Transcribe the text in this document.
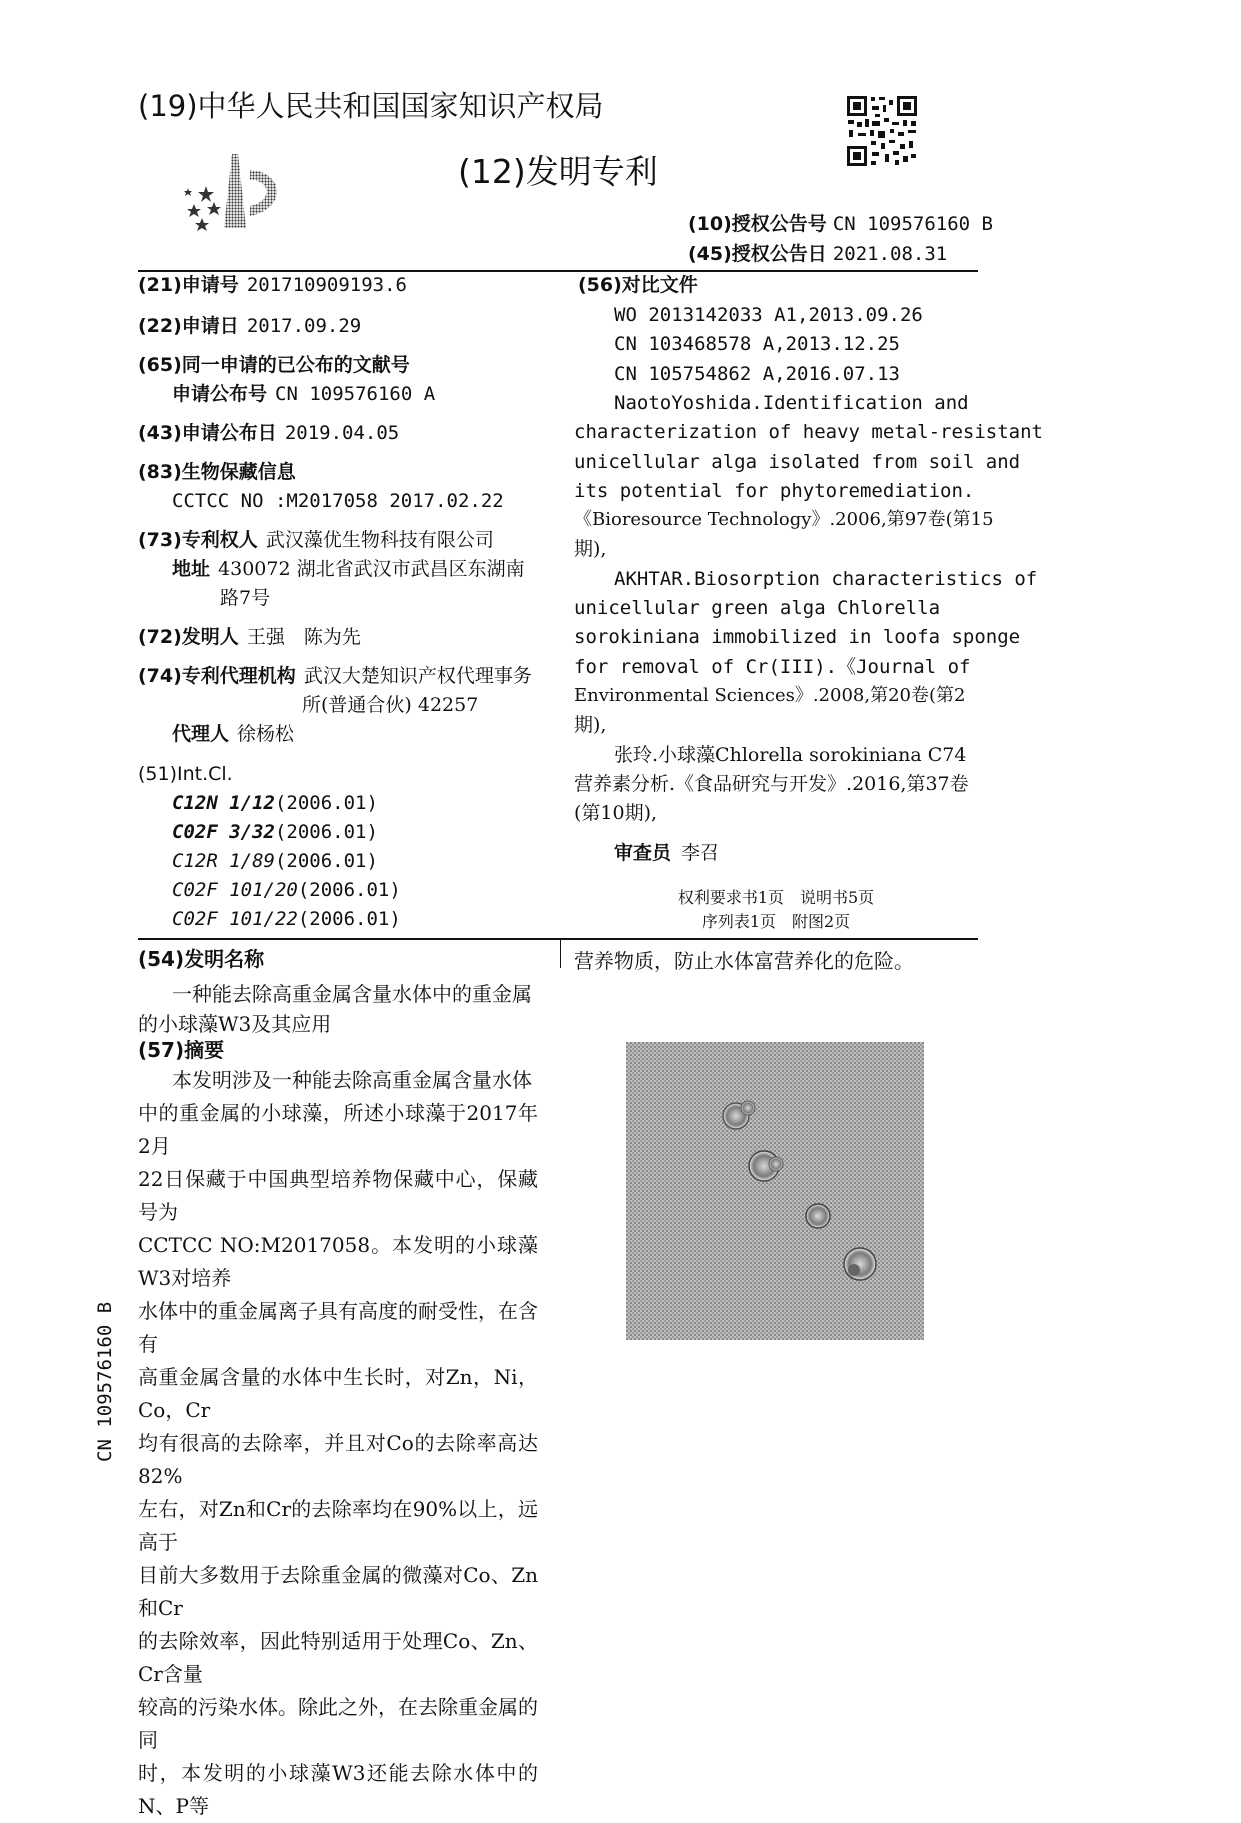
(19)中华人民共和国国家知识产权局
(12)发明专利
(10)授权公告号 CN 109576160 B
(45)授权公告日 2021.08.31
(21)申请号 201710909193.6
(22)申请日 2017.09.29
(65)同一申请的已公布的文献号
申请公布号 CN 109576160 A
(43)申请公布日 2019.04.05
(83)生物保藏信息
CCTCC NO :M2017058 2017.02.22
(73)专利权人 武汉藻优生物科技有限公司
地址 430072 湖北省武汉市武昌区东湖南
路7号
(72)发明人 王强　陈为先
(74)专利代理机构 武汉大楚知识产权代理事务
所(普通合伙) 42257
代理人 徐杨松
(51)Int.Cl.
C12N 1/12(2006.01)
C02F 3/32(2006.01)
C12R 1/89(2006.01)
C02F 101/20(2006.01)
C02F 101/22(2006.01)
(56)对比文件
WO 2013142033 A1,2013.09.26
CN 103468578 A,2013.12.25
CN 105754862 A,2016.07.13
NaotoYoshida.Identification and
characterization of heavy metal-resistant
unicellular alga isolated from soil and
its potential for phytoremediation.
《Bioresource Technology》.2006,第97卷(第15
期),
AKHTAR.Biosorption characteristics of
unicellular green alga Chlorella
sorokiniana immobilized in loofa sponge
for removal of Cr(III).《Journal of
Environmental Sciences》.2008,第20卷(第2
期),
张玲.小球藻Chlorella sorokiniana C74
营养素分析.《食品研究与开发》.2016,第37卷
(第10期),
审查员 李召
权利要求书1页　说明书5页
序列表1页　附图2页
(54)发明名称
一种能去除高重金属含量水体中的重金属
的小球藻W3及其应用
(57)摘要
本发明涉及一种能去除高重金属含量水体
中的重金属的小球藻，所述小球藻于2017年2月
22日保藏于中国典型培养物保藏中心，保藏号为
CCTCC NO:M2017058。本发明的小球藻W3对培养
水体中的重金属离子具有高度的耐受性，在含有
高重金属含量的水体中生长时，对Zn，Ni，Co，Cr
均有很高的去除率，并且对Co的去除率高达82%
左右，对Zn和Cr的去除率均在90%以上，远高于
目前大多数用于去除重金属的微藻对Co、Zn和Cr
的去除效率，因此特别适用于处理Co、Zn、Cr含量
较高的污染水体。除此之外，在去除重金属的同
时，本发明的小球藻W3还能去除水体中的N、P等
营养物质，防止水体富营养化的危险。
CN 109576160 B
